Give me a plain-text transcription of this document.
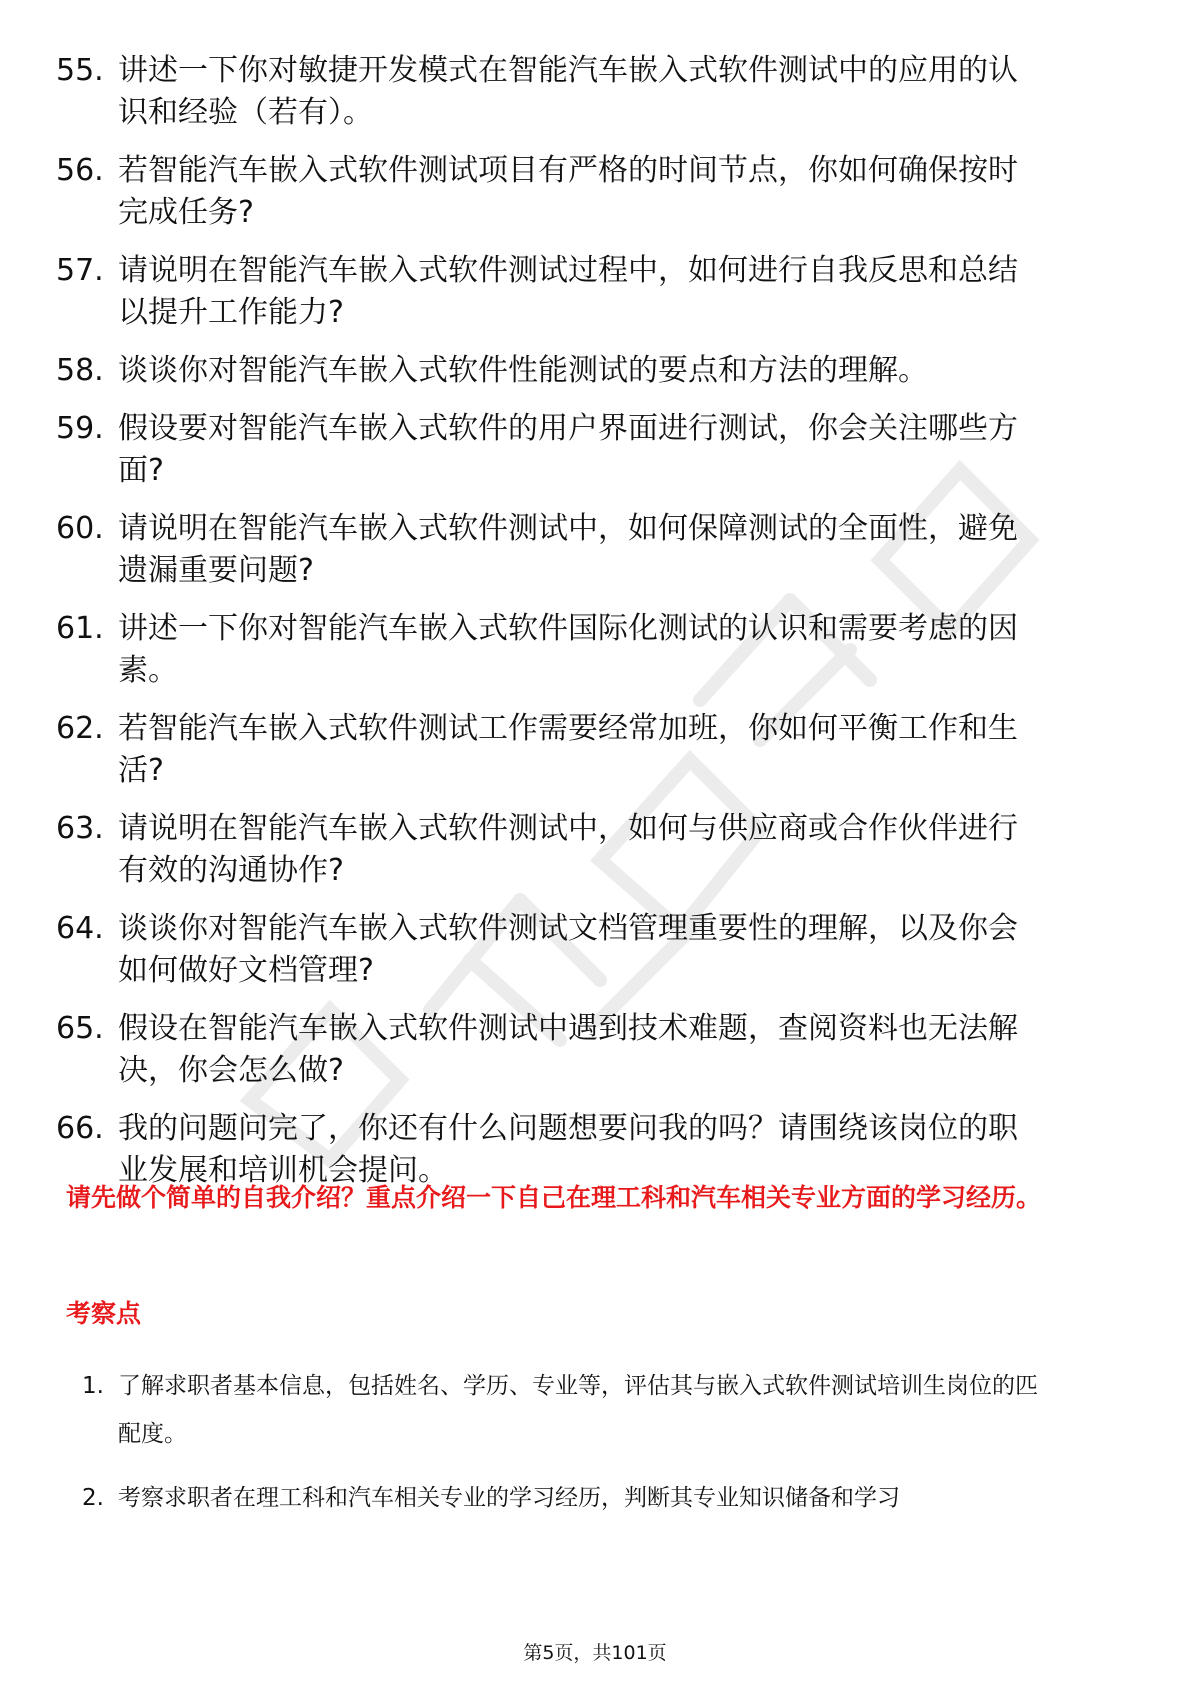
55. 讲述一下你对敏捷开发模式在智能汽车嵌入式软件测试中的应用的认识和经验（若有）。
56. 若智能汽车嵌入式软件测试项目有严格的时间节点，你如何确保按时完成任务?
57. 请说明在智能汽车嵌入式软件测试过程中，如何进行自我反思和总结以提升工作能力?
58. 谈谈你对智能汽车嵌入式软件性能测试的要点和方法的理解。
59. 假设要对智能汽车嵌入式软件的用户界面进行测试，你会关注哪些方面?
60. 请说明在智能汽车嵌入式软件测试中，如何保障测试的全面性，避免遗漏重要问题?
61. 讲述一下你对智能汽车嵌入式软件国际化测试的认识和需要考虑的因素。
62. 若智能汽车嵌入式软件测试工作需要经常加班，你如何平衡工作和生活?
63. 请说明在智能汽车嵌入式软件测试中，如何与供应商或合作伙伴进行有效的沟通协作?
64. 谈谈你对智能汽车嵌入式软件测试文档管理重要性的理解，以及你会如何做好文档管理?
65. 假设在智能汽车嵌入式软件测试中遇到技术难题，查阅资料也无法解决，你会怎么做?
66. 我的问题问完了，你还有什么问题想要问我的吗？请围绕该岗位的职业发展和培训机会提问。
请先做个简单的自我介绍？重点介绍一下自己在理工科和汽车相关专业方面的学习经历。
考察点
1. 了解求职者基本信息，包括姓名、学历、专业等，评估其与嵌入式软件测试培训生岗位的匹配度。
2. 考察求职者在理工科和汽车相关专业的学习经历，判断其专业知识储备和学习
第5页，共101页
